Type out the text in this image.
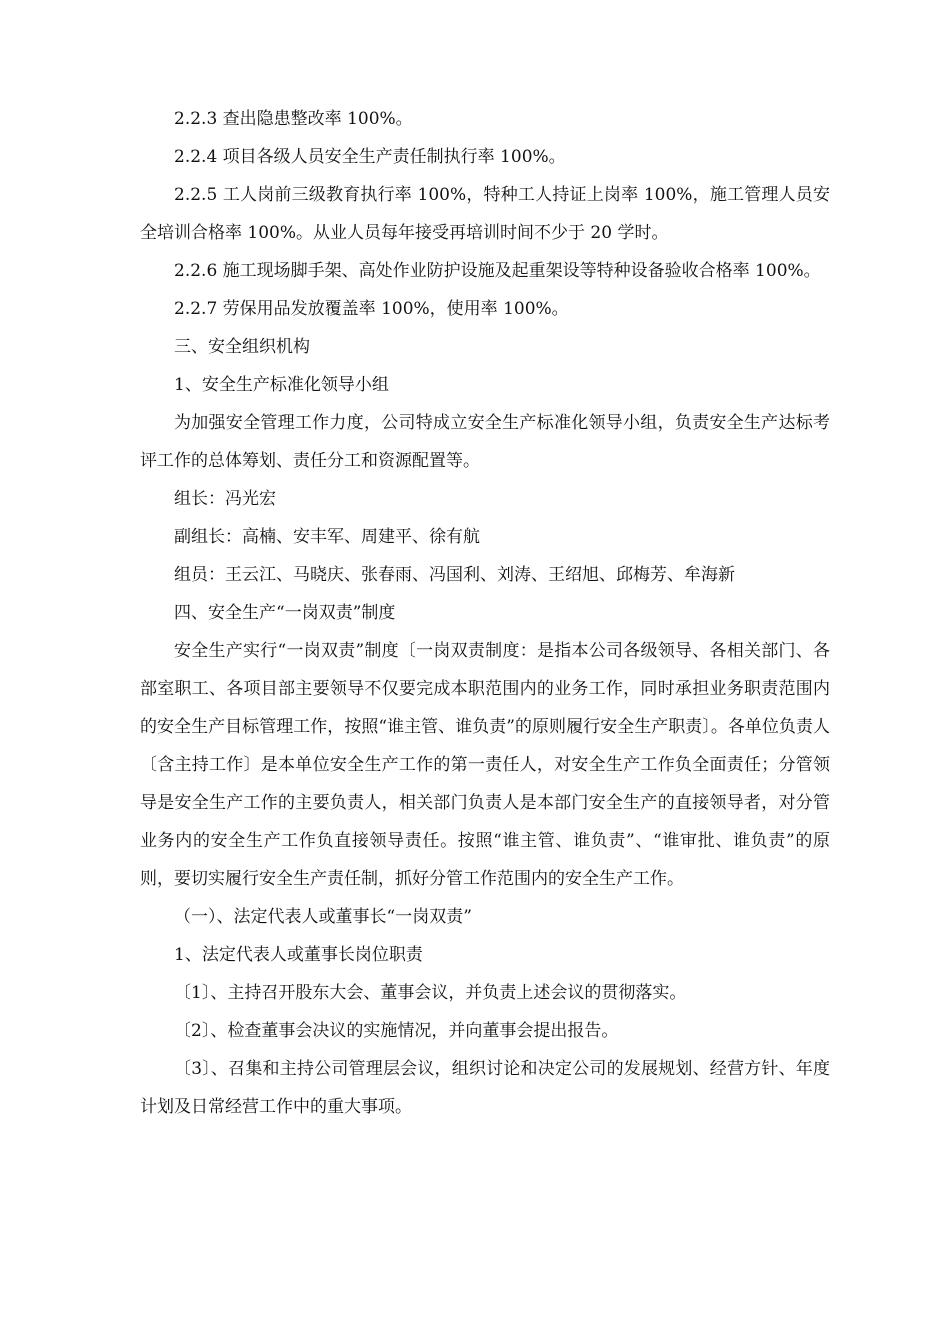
2.2.3 查出隐患整改率 100%。

2.2.4 项目各级人员安全生产责任制执行率 100%。

2.2.5 工人岗前三级教育执行率 100%，特种工人持证上岗率 100%，施工管理人员安全培训合格率 100%。从业人员每年接受再培训时间不少于 20 学时。

2.2.6 施工现场脚手架、高处作业防护设施及起重架设等特种设备验收合格率 100%。

2.2.7 劳保用品发放覆盖率 100%，使用率 100%。

三、安全组织机构

1、安全生产标准化领导小组

为加强安全管理工作力度，公司特成立安全生产标准化领导小组，负责安全生产达标考评工作的总体筹划、责任分工和资源配置等。

组长：冯光宏

副组长：高楠、安丰军、周建平、徐有航

组员：王云江、马晓庆、张春雨、冯国利、刘涛、王绍旭、邱梅芳、牟海新

四、安全生产“一岗双责”制度

安全生产实行“一岗双责”制度〔一岗双责制度：是指本公司各级领导、各相关部门、各部室职工、各项目部主要领导不仅要完成本职范围内的业务工作，同时承担业务职责范围内的安全生产目标管理工作，按照“谁主管、谁负责”的原则履行安全生产职责〕。各单位负责人〔含主持工作〕是本单位安全生产工作的第一责任人，对安全生产工作负全面责任；分管领导是安全生产工作的主要负责人，相关部门负责人是本部门安全生产的直接领导者，对分管业务内的安全生产工作负直接领导责任。按照“谁主管、谁负责”、“谁审批、谁负责”的原则，要切实履行安全生产责任制，抓好分管工作范围内的安全生产工作。

（一）、法定代表人或董事长“一岗双责”

1、法定代表人或董事长岗位职责

〔1〕、主持召开股东大会、董事会议，并负责上述会议的贯彻落实。

〔2〕、检查董事会决议的实施情况，并向董事会提出报告。

〔3〕、召集和主持公司管理层会议，组织讨论和决定公司的发展规划、经营方针、年度计划及日常经营工作中的重大事项。
